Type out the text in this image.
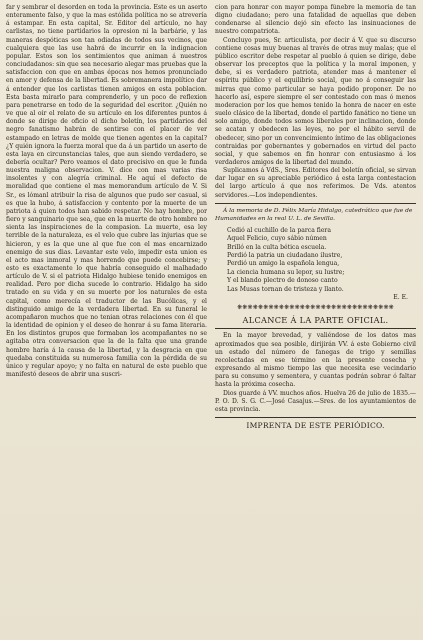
far y sembrar el desorden en toda la provincia. Este es un aserto enteramente falso, y que la mas estólida política no se atrevería á estampar. En esta capital, Sr. Editor del artículo, no hay carlistas, no tiene partidarios la opresion ni la barbárie, y las maneras despóticas son tan odiadas de todos sus vecinos, que cualquiera que las use habrá de incurrir en la indignacion popular. Estos son los sentimientos que animan á nuestros conciudadanos: sin que sea necesario alegar mas pruebas que la satisfaccion con que en ambas épocas nos hemos pronunciado en amor y defensa de la libertad. Es sobremanera impolítico dar á entender que los carlistas tienen amigos en esta poblacion. Esta basta mirarlo para comprenderlo, y un poco de reflexion para penetrarse en todo de la seguridad del escritor. ¿Quién no ve que al oir el relato de su artículo en los diferentes puntos á donde se dirige de oficio el dicho boletín, los partidarios del negro fanatismo habrán de sentirse con el placer de ver estampado en letras de molde que tienen agentes en la capital? ¿Y quién ignora la fuerza moral que da á un partido un aserto de esta laya en circunstancias tales, que aun siendo verdadero, se debería ocultar? Pero veamos el dato precisivo en que le funda nuestra maligna observacion. V. dice con mas varias risa insolentes y con alegría criminal. He aquí el defecto de moralidad que contiene el mas memorandum artículo de V. Si Sr., es lómanl atribuir la risa de algunos que pudo ser casual, si es que la hubo, á satisfaccion y contento por la muerte de un patriota á quien todos han sabido respetar. No hay hombre, por fiero y sanguinario que sea, que en la muerte de otro hombre no sienta las inspiraciones de la compasion. La muerte, esa ley terrible de la naturaleza, es el velo que cubre las injurias que se hicieron, y es la que une al que fue con el mas encarnizado enemigo de sus dias. Levantar este velo, impedir esta union es el acto mas inmoral y mas horrendo que puede concebirse; y esto es exactamente lo que habría conseguido el malhadado artículo de V. si el patriota Hidalgo hubiese tenido enemigos en realidad. Pero por dicha sucede lo contrario. Hidalgo ha sido tratado en su vida y en su muerte por los naturales de esta capital, como merecía el traductor de las Bucólicas, y el distinguido amigo de la verdadera libertad. En su funeral le acompañaron muchos que no tenian otras relaciones con él que la identidad de opinion y el deseo de honrar á su fama literaria. En los distintos grupos que formaban los acompañantes no se agitaba otra conversacion que la de la falta que una grande hombre haría á la causa de la libertad, y la desgracia en que quedaba constituida su numerosa familia con la pérdida de su único y regular apoyo; y no falta en natural de este pueblo que manifestó deseos de abrir una suscri-

cion para honrar con mayor pompa fúnebre la memoria de tan digno ciudadano; pero una fatalidad de aquellas que deben condenarse al silencio dejó sin efecto las insinuaciones de nuestro compatriota.

Concluyo pues, Sr. articulista, por decir á V. que su discurso contiene cosas muy buenas al través de otras muy malas; que el público escritor debe respetar al pueblo á quien se dirige, debe observar los preceptos que la política y la moral imponen, y debe, si es verdadero patriota, atender mas á mantener el espíritu público y el equilibrio social, que no á conseguir las mirras que como particular se haya podido proponer. De no hacerlo así, espere siempre el ser contestado con mas ó menos moderacion por los que hemos tenido la honra de nacer en este suelo clásico de la libertad, donde el partido fanático no tiene un solo amigo, donde todos somos liberales por inclinacion, donde se acatan y obedecen las leyes, no por el hábito servil de obedecer, sino por un convencimiento íntimo de las obligaciones contraidas por gobernantes y gobernados en virtud del pacto social, y que sabemos en fin honrar con entusiasmo á los verdaderos amigos de la libertad del mundo.

Suplicamos á VdS., Sres. Editores del boletín oficial, se sirvan dar lugar en su apreciable periódico á esta larga contestacion del largo artículo á que nos referimos. De Vds. atentos servidores.—Los independientes.

Á la memoria de D. Félix María Hidalgo, catedrático que fue de Humanidades en la real U. L. de Sevilla.

Cedió al cuchillo de la parca fiera
Aquel Felicio, cuyo sábio númen
Brilló en la culta bética escuela.
Perdió la patria un ciudadano ilustre,
Perdió un amigo la española lengua,
La ciencia humana su lepor, su lustre;
Y el blando plectro de donoso canto
Las Musas tornan de tristeza y llanto.
E. E.
❋❋❋❋❋❋❋❋❋❋❋❋❋❋❋❋❋❋❋❋❋❋❋❋❋❋❋❋❋❋
ALCANCE Á LA PARTE OFICIAL.

En la mayor brevedad, y valiéndose de los datos mas aproximados que sea posible, dirijirán VV. á este Gobierno civil un estado del número de fanegas de trigo y semillas recolectadas en ese término en la presente cosecha y expresando al mismo tiempo las que necesita ese vecindario para su consumo y sementera, y cuantas podrán sobrar ó faltar hasta la próxima cosecha.

Dios guarde á VV. muchos años. Huelva 26 de julio de 1835.—P. O. D. S. G. C.—José Casajus.—Sres. de los ayuntamientos de esta provincia.

IMPRENTA DE ESTE PERIÓDICO.
